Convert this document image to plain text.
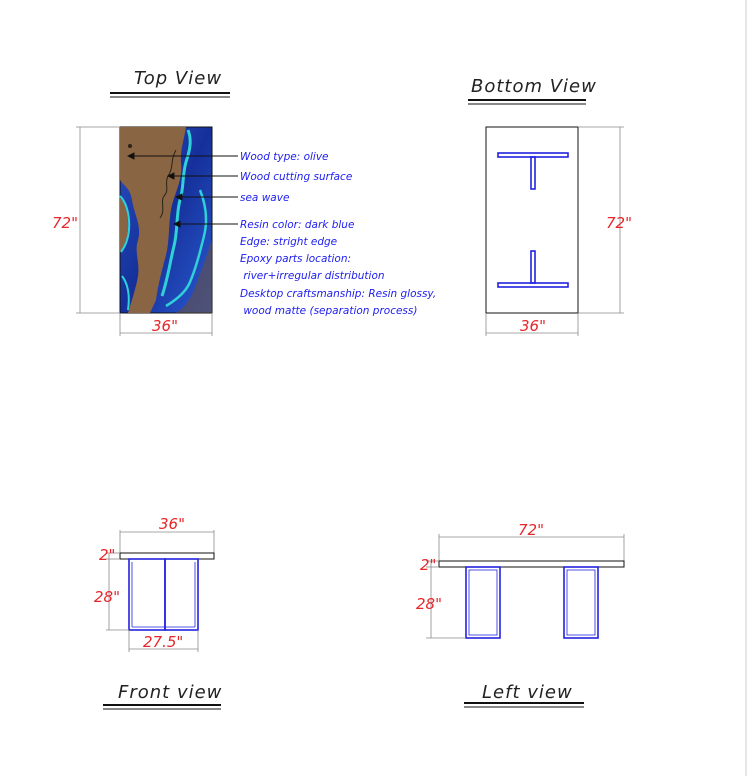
Top View
72"
36"
Wood type: olive
Wood cutting surface
sea wave
Resin color: dark blue
Edge: stright edge
Epoxy parts location:
river+irregular distribution
Desktop craftsmanship: Resin glossy,
wood matte (separation process)
Bottom View
72"
36"
36"
2"
28"
27.5"
Front view
72"
2"
28"
Left view
